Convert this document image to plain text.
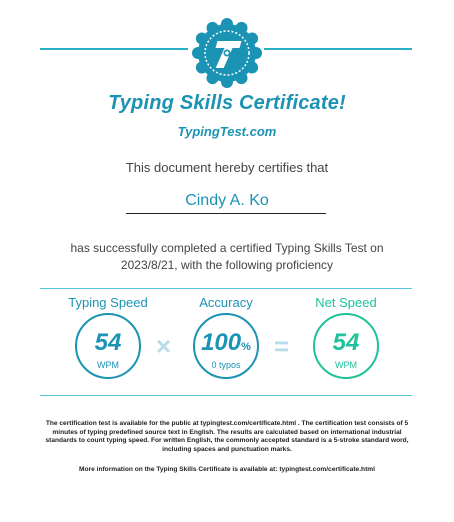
Typing Skills Certificate!
TypingTest.com
This document hereby certifies that
Cindy A. Ko
has successfully completed a certified Typing Skills Test on 2023/8/21, with the following proficiency
Typing Speed
54
WPM
×
Accuracy
100%
0 typos
=
Net Speed
54
WPM
The certification test is available for the public at typingtest.com/certificate.html . The certification test consists of 5 minutes of typing predefined source text in English. The results are calculated based on international industrial standards to count typing speed. For written English, the commonly accepted standard is a 5-stroke standard word, including spaces and punctuation marks.
More information on the Typing Skills Certificate is available at: typingtest.com/certificate.html
